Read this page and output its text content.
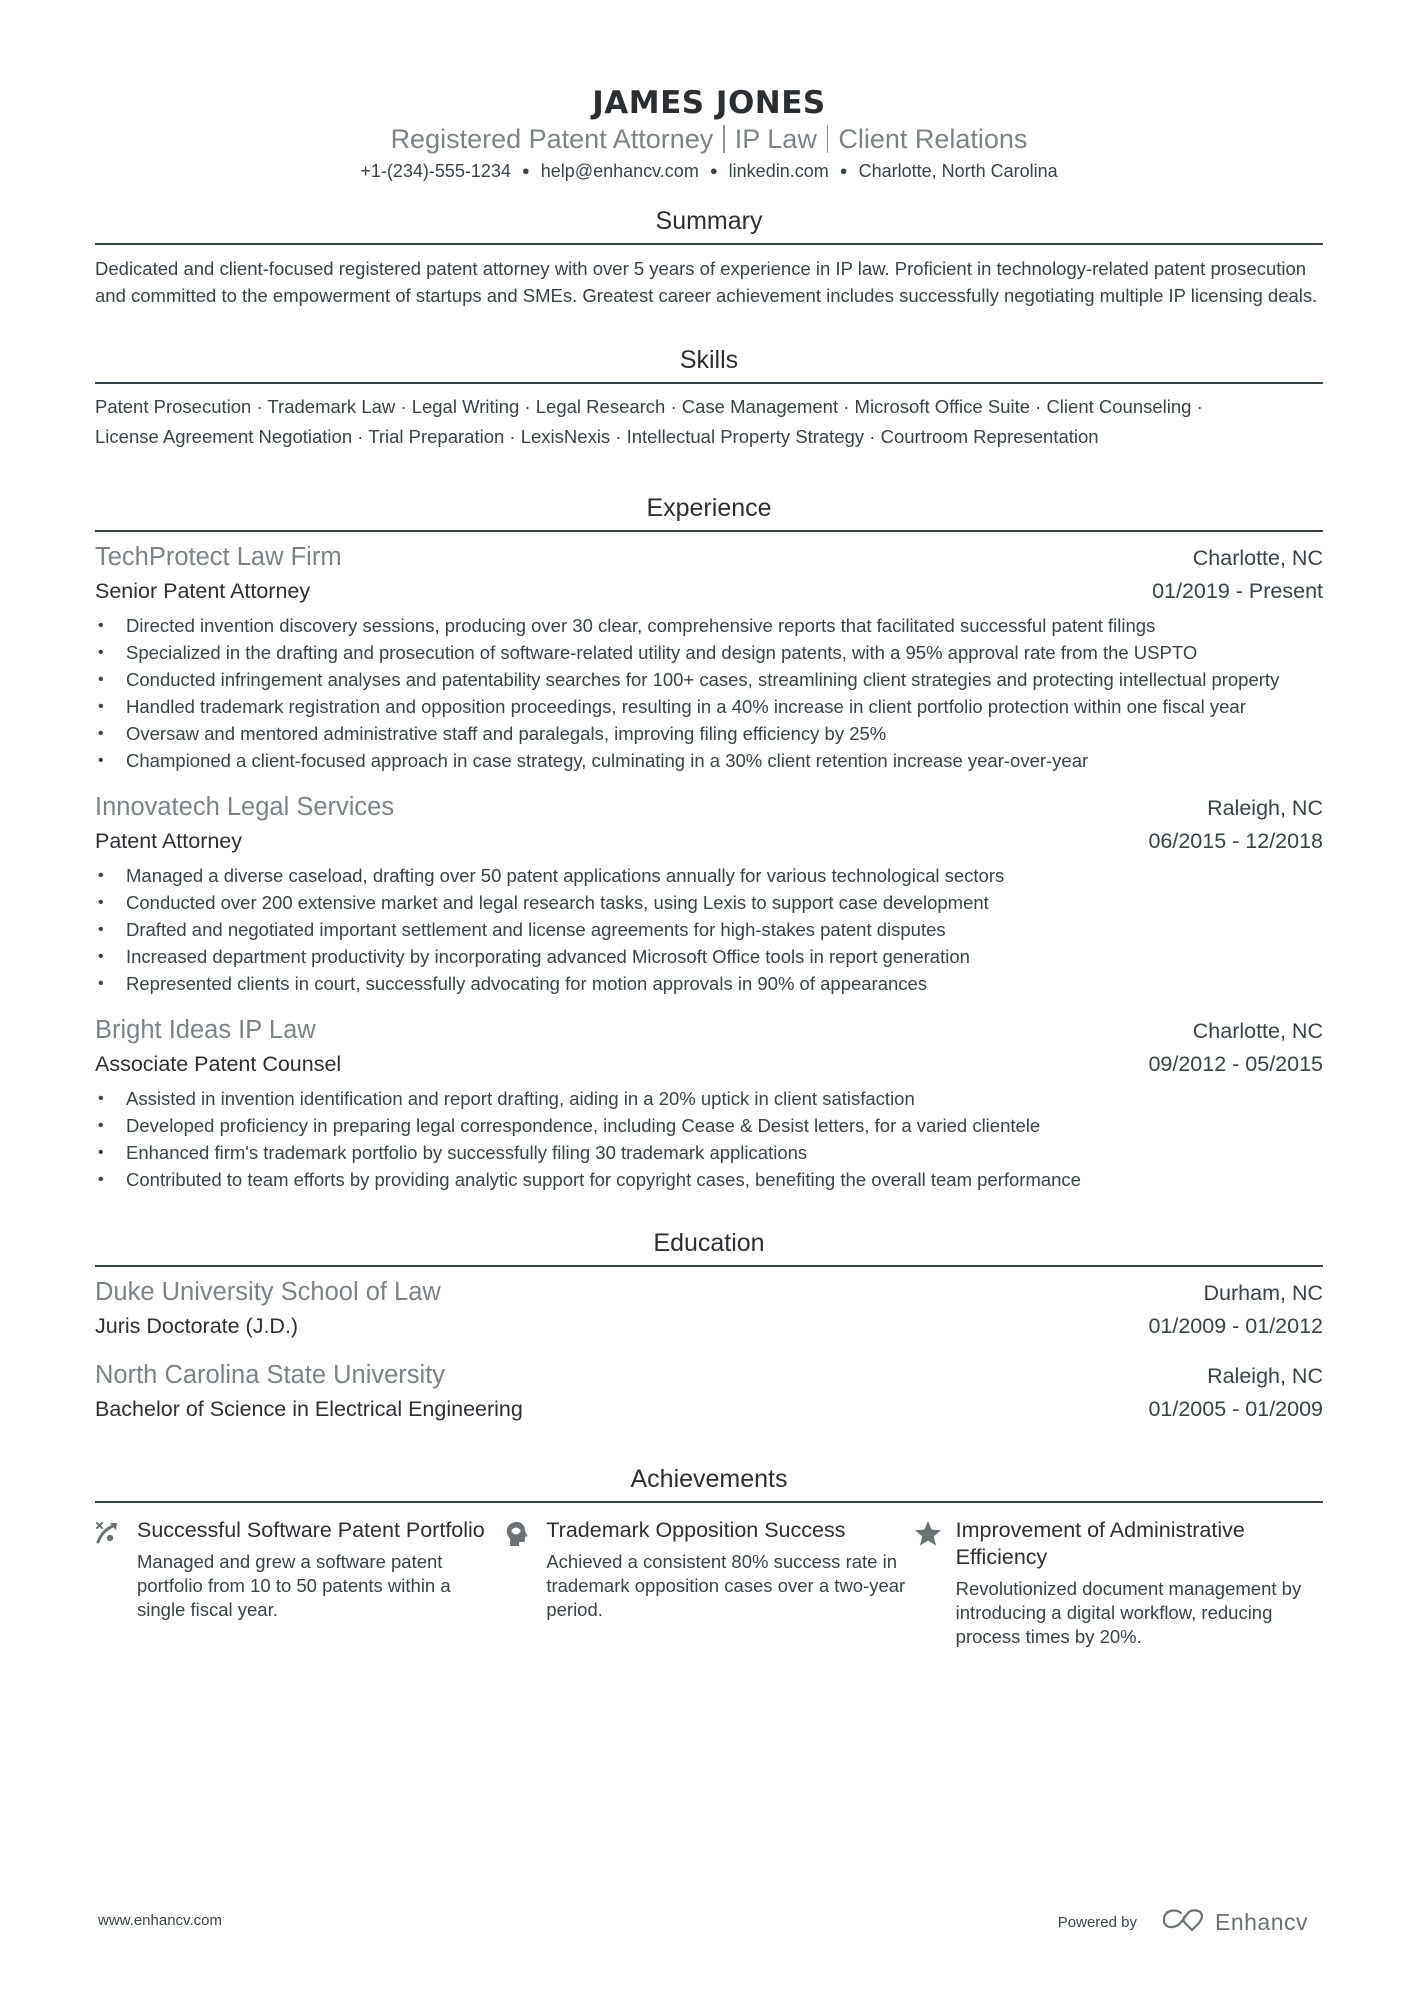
JAMES JONES
Registered Patent Attorney IP Law Client Relations
+1-(234)-555-1234 ● help@enhancv.com ● linkedin.com ● Charlotte, North Carolina
Summary
Dedicated and client-focused registered patent attorney with over 5 years of experience in IP law. Proficient in technology-related patent prosecution and committed to the empowerment of startups and SMEs. Greatest career achievement includes successfully negotiating multiple IP licensing deals.
Skills
Patent Prosecution · Trademark Law · Legal Writing · Legal Research · Case Management · Microsoft Office Suite · Client Counseling ·
License Agreement Negotiation · Trial Preparation · LexisNexis · Intellectual Property Strategy · Courtroom Representation
Experience
TechProtect Law Firm	Charlotte, NC
Senior Patent Attorney	01/2019 - Present
• Directed invention discovery sessions, producing over 30 clear, comprehensive reports that facilitated successful patent filings
• Specialized in the drafting and prosecution of software-related utility and design patents, with a 95% approval rate from the USPTO
• Conducted infringement analyses and patentability searches for 100+ cases, streamlining client strategies and protecting intellectual property
• Handled trademark registration and opposition proceedings, resulting in a 40% increase in client portfolio protection within one fiscal year
• Oversaw and mentored administrative staff and paralegals, improving filing efficiency by 25%
• Championed a client-focused approach in case strategy, culminating in a 30% client retention increase year-over-year
Innovatech Legal Services	Raleigh, NC
Patent Attorney	06/2015 - 12/2018
• Managed a diverse caseload, drafting over 50 patent applications annually for various technological sectors
• Conducted over 200 extensive market and legal research tasks, using Lexis to support case development
• Drafted and negotiated important settlement and license agreements for high-stakes patent disputes
• Increased department productivity by incorporating advanced Microsoft Office tools in report generation
• Represented clients in court, successfully advocating for motion approvals in 90% of appearances
Bright Ideas IP Law	Charlotte, NC
Associate Patent Counsel	09/2012 - 05/2015
• Assisted in invention identification and report drafting, aiding in a 20% uptick in client satisfaction
• Developed proficiency in preparing legal correspondence, including Cease & Desist letters, for a varied clientele
• Enhanced firm's trademark portfolio by successfully filing 30 trademark applications
• Contributed to team efforts by providing analytic support for copyright cases, benefiting the overall team performance
Education
Duke University School of Law	Durham, NC
Juris Doctorate (J.D.)	01/2009 - 01/2012
North Carolina State University	Raleigh, NC
Bachelor of Science in Electrical Engineering	01/2005 - 01/2009
Achievements
Successful Software Patent Portfolio
Managed and grew a software patent portfolio from 10 to 50 patents within a single fiscal year.
Trademark Opposition Success
Achieved a consistent 80% success rate in trademark opposition cases over a two-year period.
Improvement of Administrative Efficiency
Revolutionized document management by introducing a digital workflow, reducing process times by 20%.
www.enhancv.com	Powered by	Enhancv
